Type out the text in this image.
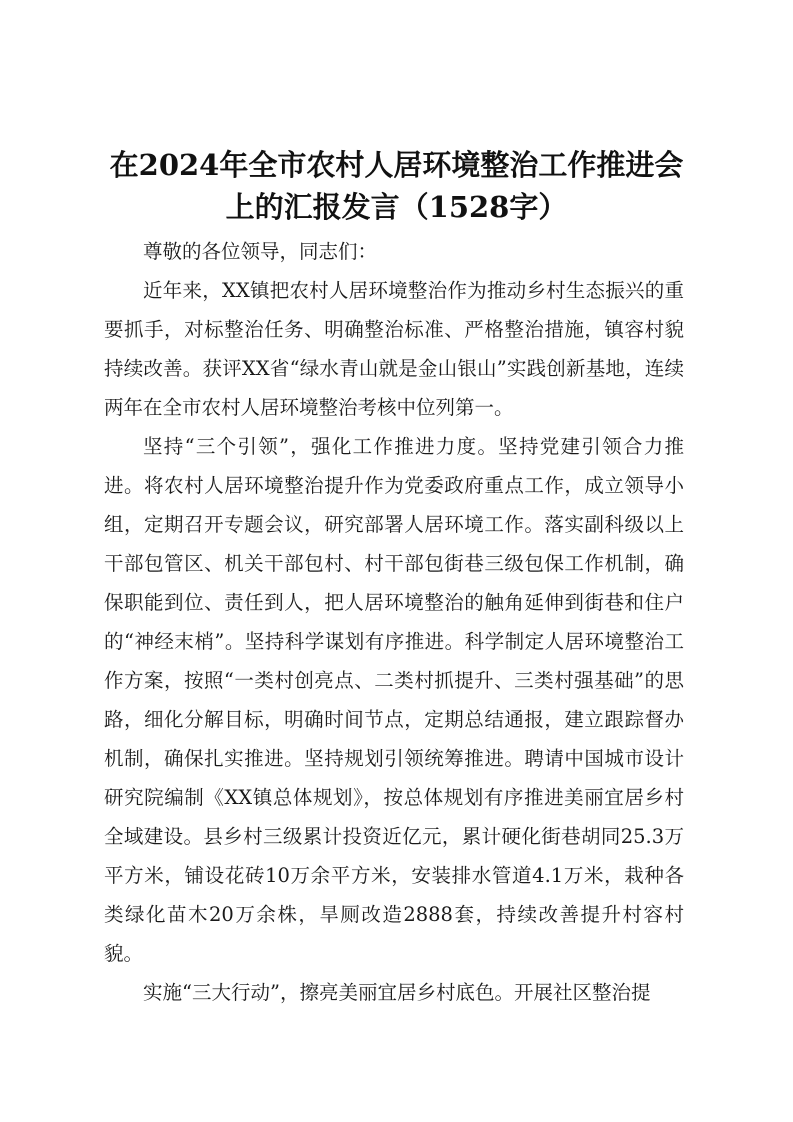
在2024年全市农村人居环境整治工作推进会
上的汇报发言（1528字）

尊敬的各位领导，同志们：

近年来，XX镇把农村人居环境整治作为推动乡村生态振兴的重要抓手，对标整治任务、明确整治标准、严格整治措施，镇容村貌持续改善。获评XX省“绿水青山就是金山银山”实践创新基地，连续两年在全市农村人居环境整治考核中位列第一。

坚持“三个引领”，强化工作推进力度。坚持党建引领合力推进。将农村人居环境整治提升作为党委政府重点工作，成立领导小组，定期召开专题会议，研究部署人居环境工作。落实副科级以上干部包管区、机关干部包村、村干部包街巷三级包保工作机制，确保职能到位、责任到人，把人居环境整治的触角延伸到街巷和住户的“神经末梢”。坚持科学谋划有序推进。科学制定人居环境整治工作方案，按照“一类村创亮点、二类村抓提升、三类村强基础”的思路，细化分解目标，明确时间节点，定期总结通报，建立跟踪督办机制，确保扎实推进。坚持规划引领统筹推进。聘请中国城市设计研究院编制《XX镇总体规划》，按总体规划有序推进美丽宜居乡村全域建设。县乡村三级累计投资近亿元，累计硬化街巷胡同25.3万平方米，铺设花砖10万余平方米，安装排水管道4.1万米，栽种各类绿化苗木20万余株，旱厕改造2888套，持续改善提升村容村貌。

实施“三大行动”，擦亮美丽宜居乡村底色。开展社区整治提
